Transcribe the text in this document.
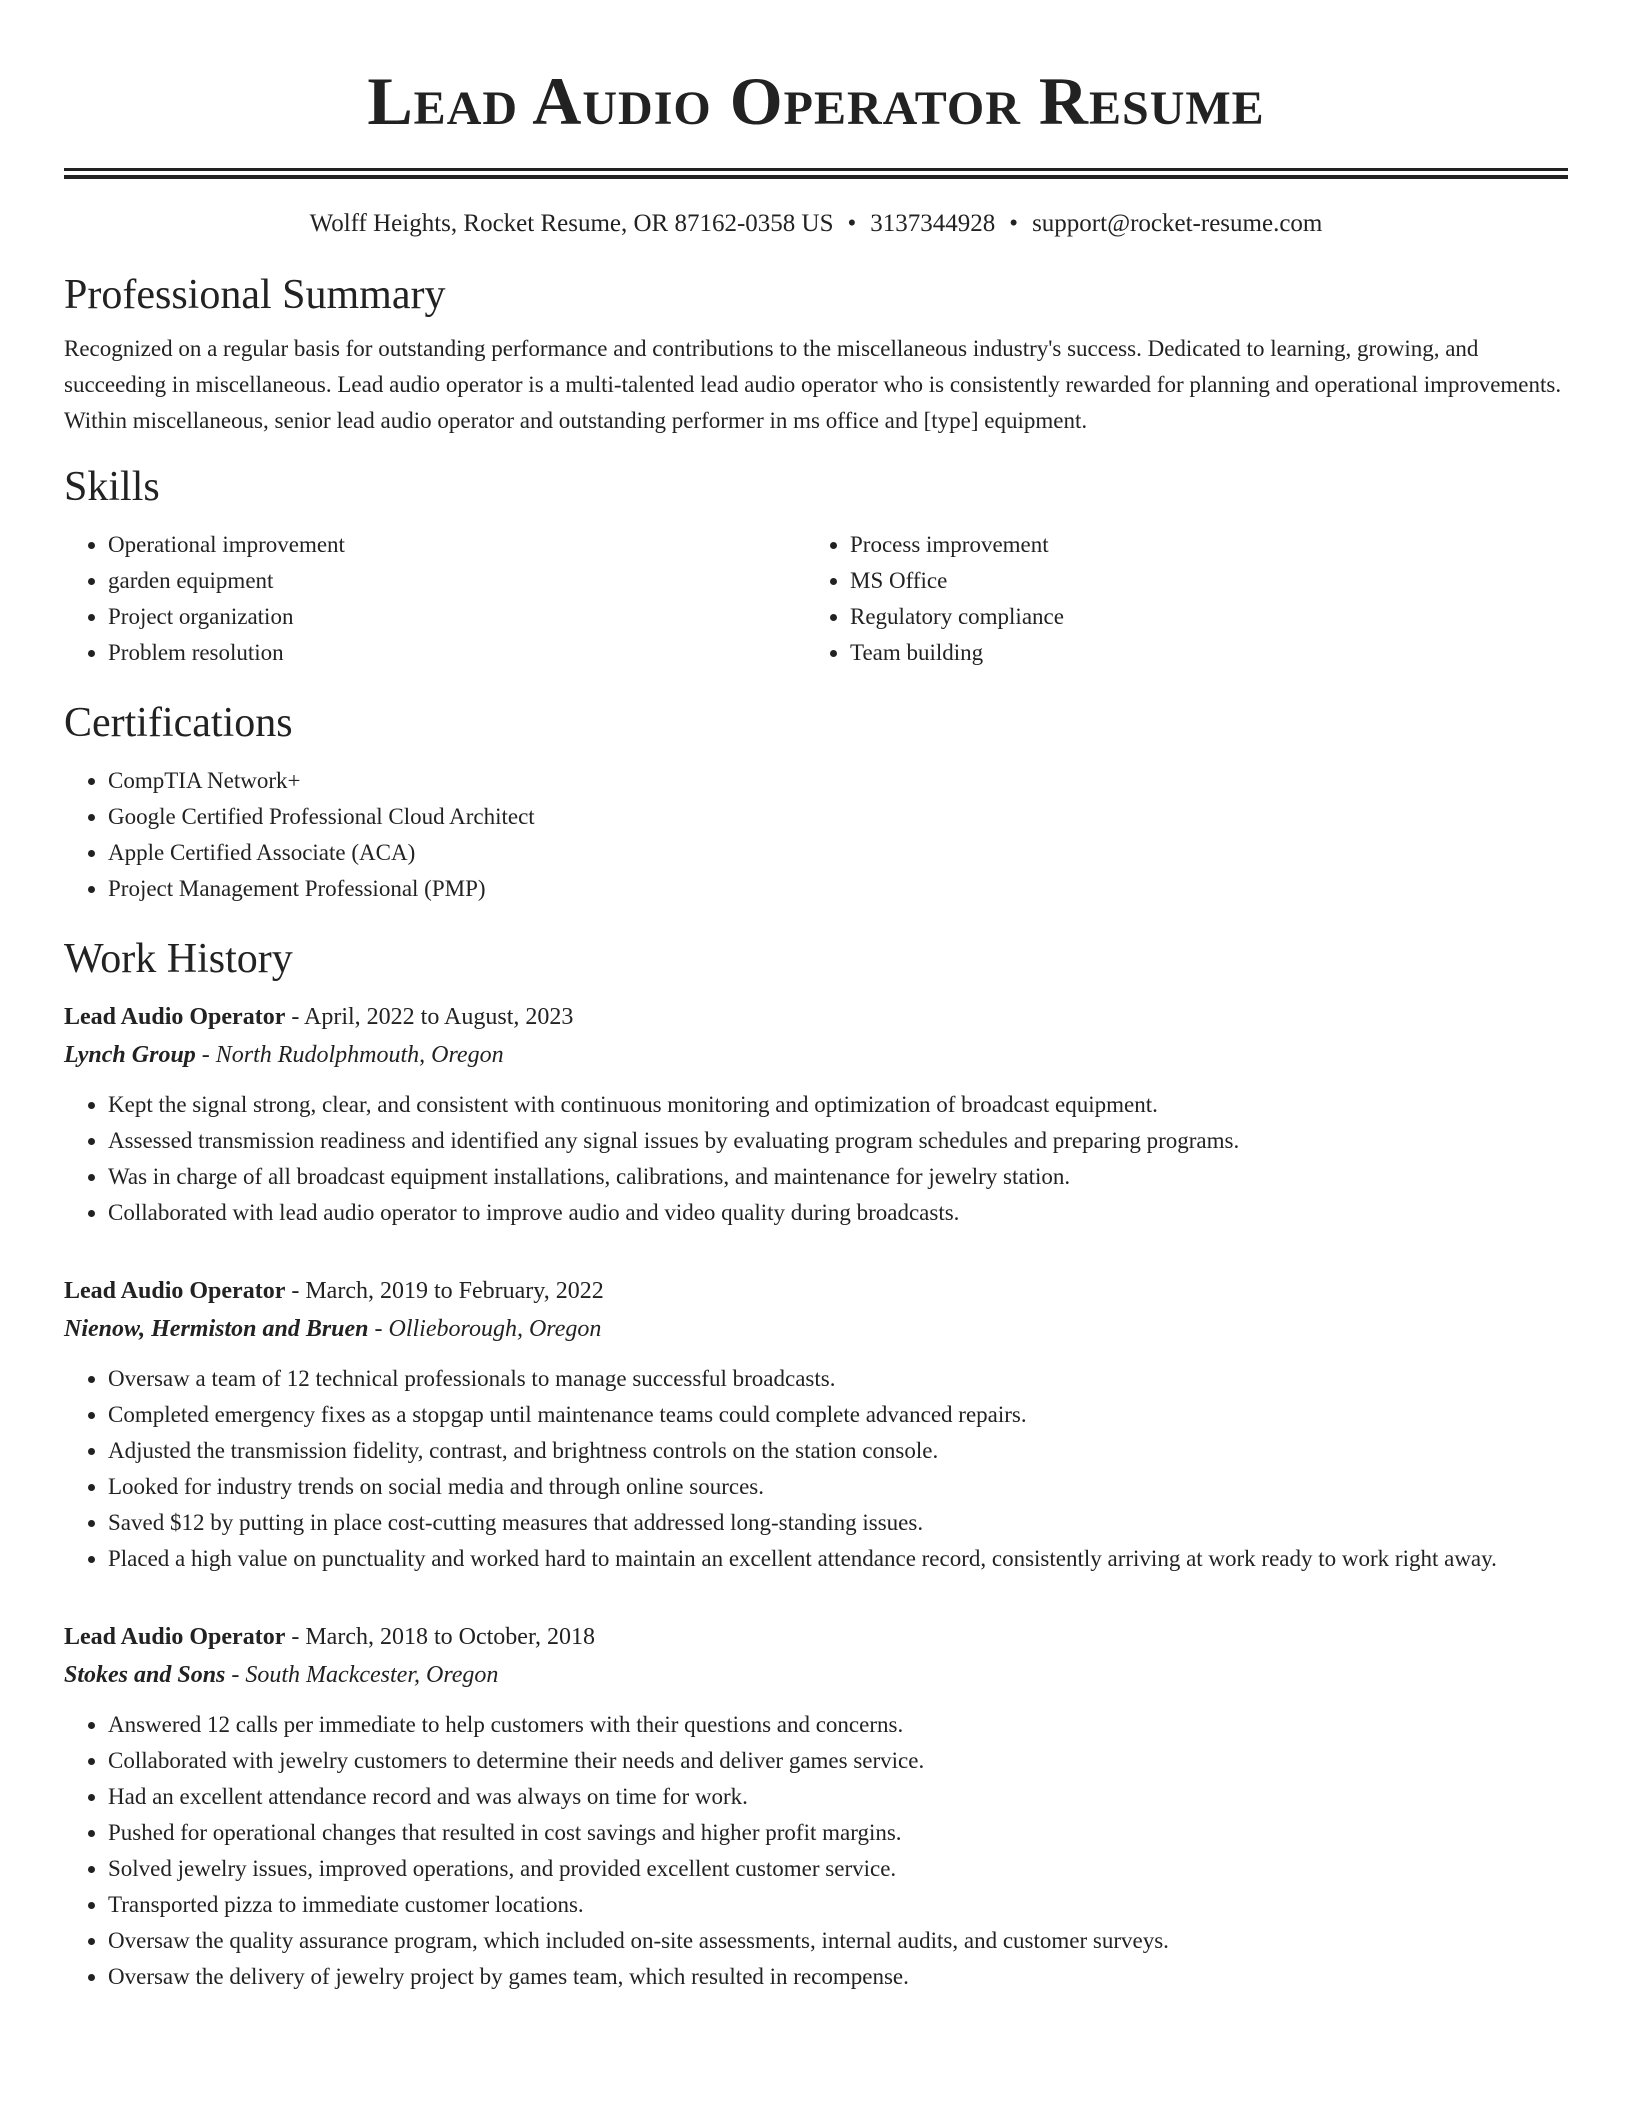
Lead Audio Operator Resume
Wolff Heights, Rocket Resume, OR 87162-0358 US • 3137344928 • support@rocket-resume.com
Professional Summary

Recognized on a regular basis for outstanding performance and contributions to the miscellaneous industry's success. Dedicated to learning, growing, and succeeding in miscellaneous. Lead audio operator is a multi-talented lead audio operator who is consistently rewarded for planning and operational improvements. Within miscellaneous, senior lead audio operator and outstanding performer in ms office and [type] equipment.

Skills
• Operational improvement
• garden equipment
• Project organization
• Problem resolution
• Process improvement
• MS Office
• Regulatory compliance
• Team building
Certifications
• CompTIA Network+
• Google Certified Professional Cloud Architect
• Apple Certified Associate (ACA)
• Project Management Professional (PMP)
Work History
Lead Audio Operator - April, 2022 to August, 2023
Lynch Group - North Rudolphmouth, Oregon
• Kept the signal strong, clear, and consistent with continuous monitoring and optimization of broadcast equipment.
• Assessed transmission readiness and identified any signal issues by evaluating program schedules and preparing programs.
• Was in charge of all broadcast equipment installations, calibrations, and maintenance for jewelry station.
• Collaborated with lead audio operator to improve audio and video quality during broadcasts.
Lead Audio Operator - March, 2019 to February, 2022
Nienow, Hermiston and Bruen - Ollieborough, Oregon
• Oversaw a team of 12 technical professionals to manage successful broadcasts.
• Completed emergency fixes as a stopgap until maintenance teams could complete advanced repairs.
• Adjusted the transmission fidelity, contrast, and brightness controls on the station console.
• Looked for industry trends on social media and through online sources.
• Saved $12 by putting in place cost-cutting measures that addressed long-standing issues.
• Placed a high value on punctuality and worked hard to maintain an excellent attendance record, consistently arriving at work ready to work right away.
Lead Audio Operator - March, 2018 to October, 2018
Stokes and Sons - South Mackcester, Oregon
• Answered 12 calls per immediate to help customers with their questions and concerns.
• Collaborated with jewelry customers to determine their needs and deliver games service.
• Had an excellent attendance record and was always on time for work.
• Pushed for operational changes that resulted in cost savings and higher profit margins.
• Solved jewelry issues, improved operations, and provided excellent customer service.
• Transported pizza to immediate customer locations.
• Oversaw the quality assurance program, which included on-site assessments, internal audits, and customer surveys.
• Oversaw the delivery of jewelry project by games team, which resulted in recompense.
